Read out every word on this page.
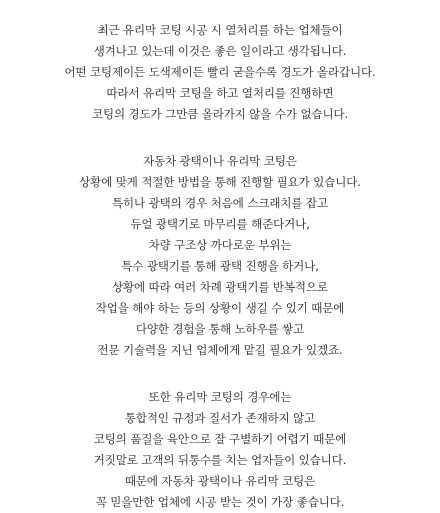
최근 유리막 코팅 시공 시 열처리를 하는 업체들이
생겨나고 있는데 이것은 좋은 일이라고 생각됩니다.
어떤 코팅제이든 도색제이든 빨리 굳을수록 경도가 올라갑니다.
따라서 유리막 코팅을 하고 열처리를 진행하면
코팅의 경도가 그만큼 올라가지 않을 수가 없습니다.

자동차 광택이나 유리막 코팅은
상황에 맞게 적절한 방법을 통해 진행할 필요가 있습니다.
특히나 광택의 경우 처음에 스크래치를 잡고
듀얼 광택기로 마무리를 해준다거나,
차량 구조상 까다로운 부위는
특수 광택기를 통해 광택 진행을 하거나,
상황에 따라 여러 차례 광택기를 반복적으로
작업을 해야 하는 등의 상황이 생길 수 있기 때문에
다양한 경험을 통해 노하우를 쌓고
전문 기술력을 지닌 업체에게 맡길 필요가 있겠죠.

또한 유리막 코팅의 경우에는
통합적인 규정과 질서가 존재하지 않고
코팅의 품질을 육안으로 잘 구별하기 어렵기 때문에
거짓말로 고객의 뒤통수를 치는 업자들이 있습니다.
때문에 자동차 광택이나 유리막 코팅은
꼭 믿을만한 업체에 시공 받는 것이 가장 좋습니다.
